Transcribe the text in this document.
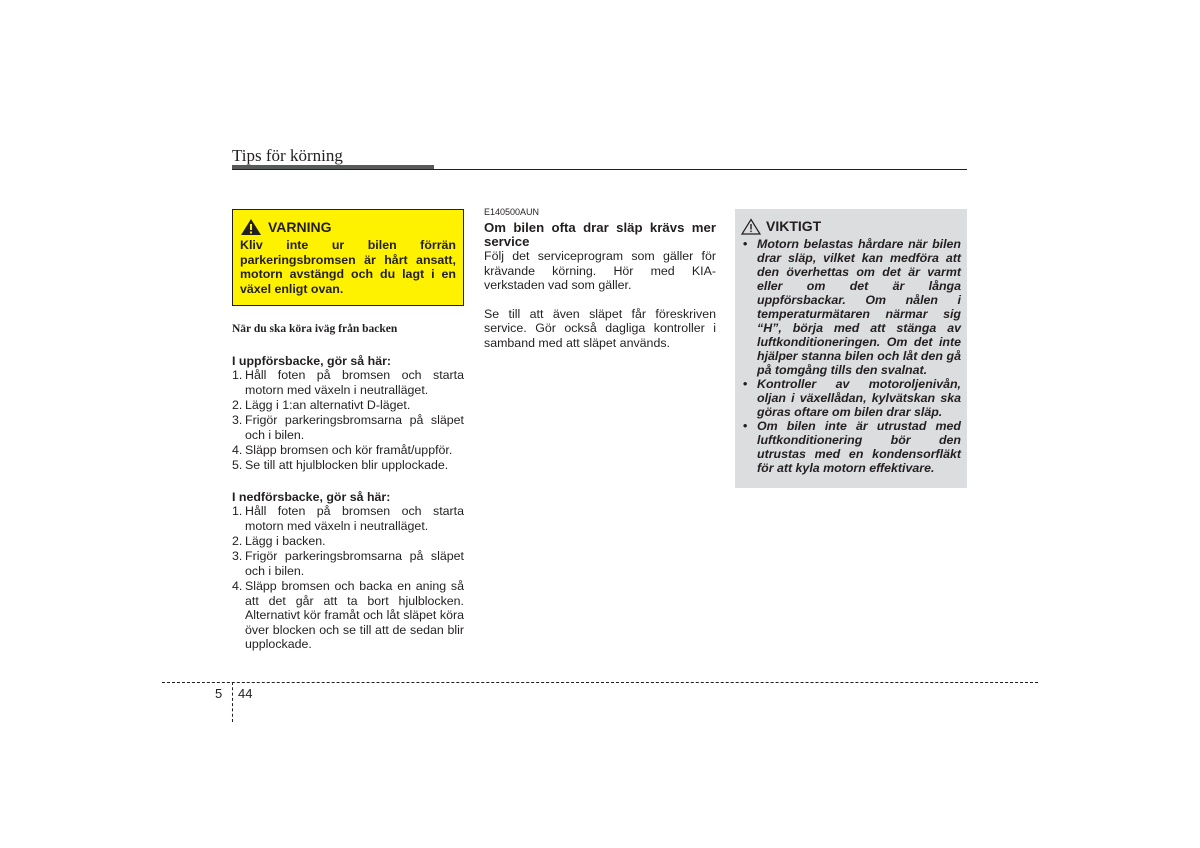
Tips för körning
VARNING
Kliv inte ur bilen förrän parkeringsbromsen är hårt ansatt, motorn avstängd och du lagt i en växel enligt ovan.
När du ska köra iväg från backen
I uppförsbacke, gör så här:
1. Håll foten på bromsen och starta motorn med växeln i neutralläget.
2. Lägg i 1:an alternativt D-läget.
3. Frigör parkeringsbromsarna på släpet och i bilen.
4. Släpp bromsen och kör framåt/uppför.
5. Se till att hjulblocken blir upplockade.
I nedförsbacke, gör så här:
1. Håll foten på bromsen och starta motorn med växeln i neutralläget.
2. Lägg i backen.
3. Frigör parkeringsbromsarna på släpet och i bilen.
4. Släpp bromsen och backa en aning så att det går att ta bort hjulblocken. Alternativt kör framåt och låt släpet köra över blocken och se till att de sedan blir upplockade.
E140500AUN
Om bilen ofta drar släp krävs mer service

Följ det serviceprogram som gäller för krävande körning. Hör med KIA-verkstaden vad som gäller.

Se till att även släpet får föreskriven service. Gör också dagliga kontroller i samband med att släpet används.

VIKTIGT
• Motorn belastas hårdare när bilen drar släp, vilket kan medföra att den överhettas om det är varmt eller om det är långa uppförsbackar. Om nålen i temperaturmätaren närmar sig “H”, börja med att stänga av luftkonditioneringen. Om det inte hjälper stanna bilen och låt den gå på tomgång tills den svalnat.
• Kontroller av motoroljenivån, oljan i växellådan, kylvätskan ska göras oftare om bilen drar släp.
• Om bilen inte är utrustad med luftkonditionering bör den utrustas med en kondensorfläkt för att kyla motorn effektivare.
5 44
